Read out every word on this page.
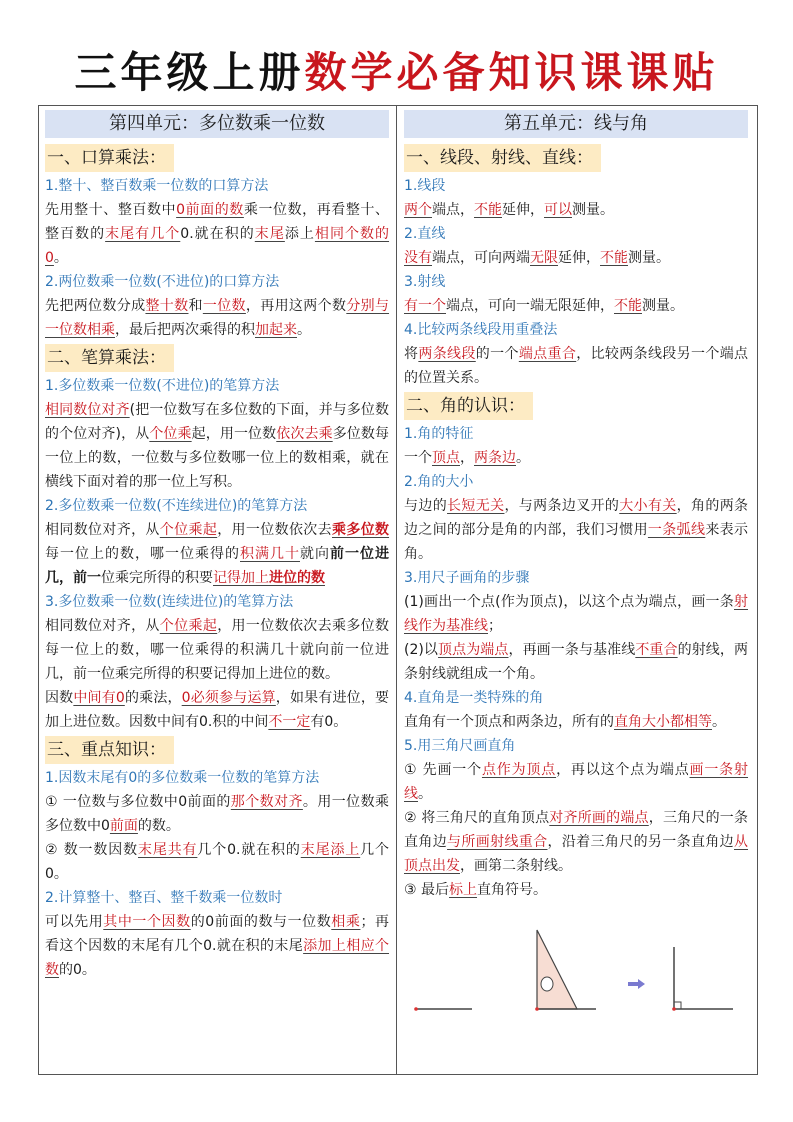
三年级上册数学必备知识课课贴
第四单元：多位数乘一位数
一、口算乘法：
1.整十、整百数乘一位数的口算方法
先用整十、整百数中0前面的数乘一位数，再看整十、整百数的末尾有几个0.就在积的末尾添上相同个数的0。
2.两位数乘一位数(不进位)的口算方法
先把两位数分成整十数和一位数，再用这两个数分别与一位数相乘，最后把两次乘得的积加起来。
二、笔算乘法：
1.多位数乘一位数(不进位)的笔算方法
相同数位对齐(把一位数写在多位数的下面，并与多位数的个位对齐)，从个位乘起，用一位数依次去乘多位数每一位上的数，一位数与多位数哪一位上的数相乘，就在横线下面对着的那一位上写积。
2.多位数乘一位数(不连续进位)的笔算方法
相同数位对齐，从个位乘起，用一位数依次去乘多位数每一位上的数，哪一位乘得的积满几十就向前一位进几，前一位乘完所得的积要记得加上进位的数
3.多位数乘一位数(连续进位)的笔算方法
相同数位对齐，从个位乘起，用一位数依次去乘多位数每一位上的数，哪一位乘得的积满几十就向前一位进几，前一位乘完所得的积要记得加上进位的数。
因数中间有0的乘法，0必须参与运算，如果有进位，要加上进位数。因数中间有0.积的中间不一定有0。
三、重点知识：
1.因数末尾有0的多位数乘一位数的笔算方法
① 一位数与多位数中0前面的那个数对齐。用一位数乘多位数中0前面的数。
② 数一数因数末尾共有几个0.就在积的末尾添上几个0。
2.计算整十、整百、整千数乘一位数时
可以先用其中一个因数的0前面的数与一位数相乘；再看这个因数的末尾有几个0.就在积的末尾添加上相应个数的0。
第五单元：线与角
一、线段、射线、直线：
1.线段
两个端点，不能延伸，可以测量。
2.直线
没有端点，可向两端无限延伸，不能测量。
3.射线
有一个端点，可向一端无限延伸，不能测量。
4.比较两条线段用重叠法
将两条线段的一个端点重合，比较两条线段另一个端点的位置关系。
二、角的认识：
1.角的特征
一个顶点，两条边。
2.角的大小
与边的长短无关，与两条边叉开的大小有关，角的两条边之间的部分是角的内部，我们习惯用一条弧线来表示角。
3.用尺子画角的步骤
(1)画出一个点(作为顶点)，以这个点为端点，画一条射线作为基准线；
(2)以顶点为端点，再画一条与基准线不重合的射线，两条射线就组成一个角。
4.直角是一类特殊的角
直角有一个顶点和两条边，所有的直角大小都相等。
5.用三角尺画直角
① 先画一个点作为顶点，再以这个点为端点画一条射线。
② 将三角尺的直角顶点对齐所画的端点，三角尺的一条直角边与所画射线重合，沿着三角尺的另一条直角边从顶点出发，画第二条射线。
③ 最后标上直角符号。
